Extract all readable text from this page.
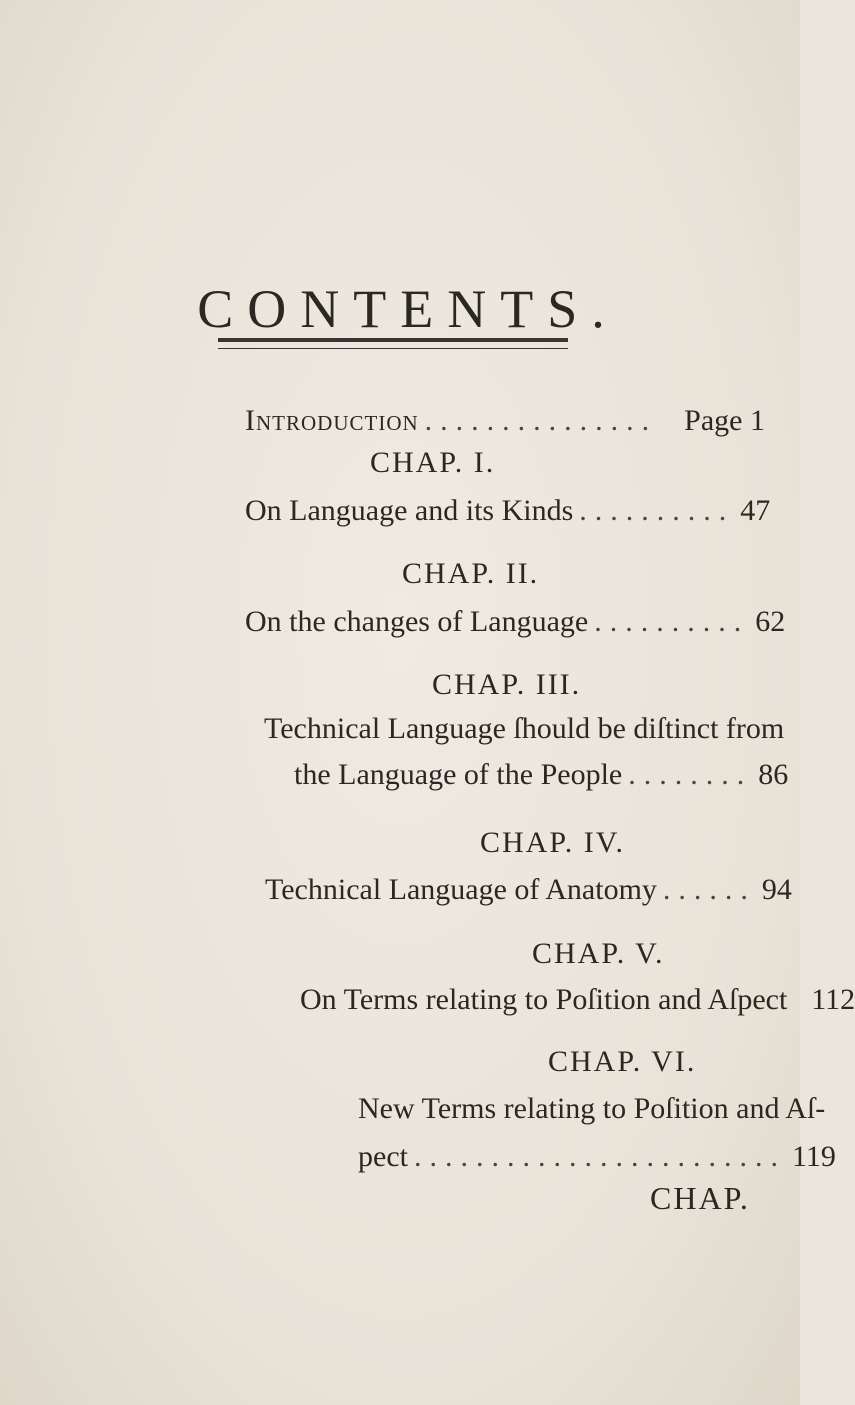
CONTENTS.
Introduction ............... Page 1
CHAP. I.
On Language and its Kinds .......... 47
CHAP. II.
On the changes of Language .......... 62
CHAP. III.
Technical Language ſhould be diſtinct from
the Language of the People ........ 86
CHAP. IV.
Technical Language of Anatomy ...... 94
CHAP. V.
On Terms relating to Poſition and Aſpect 112
CHAP. VI.
New Terms relating to Poſition and Aſ-
pect ........................ 119
CHAP.
